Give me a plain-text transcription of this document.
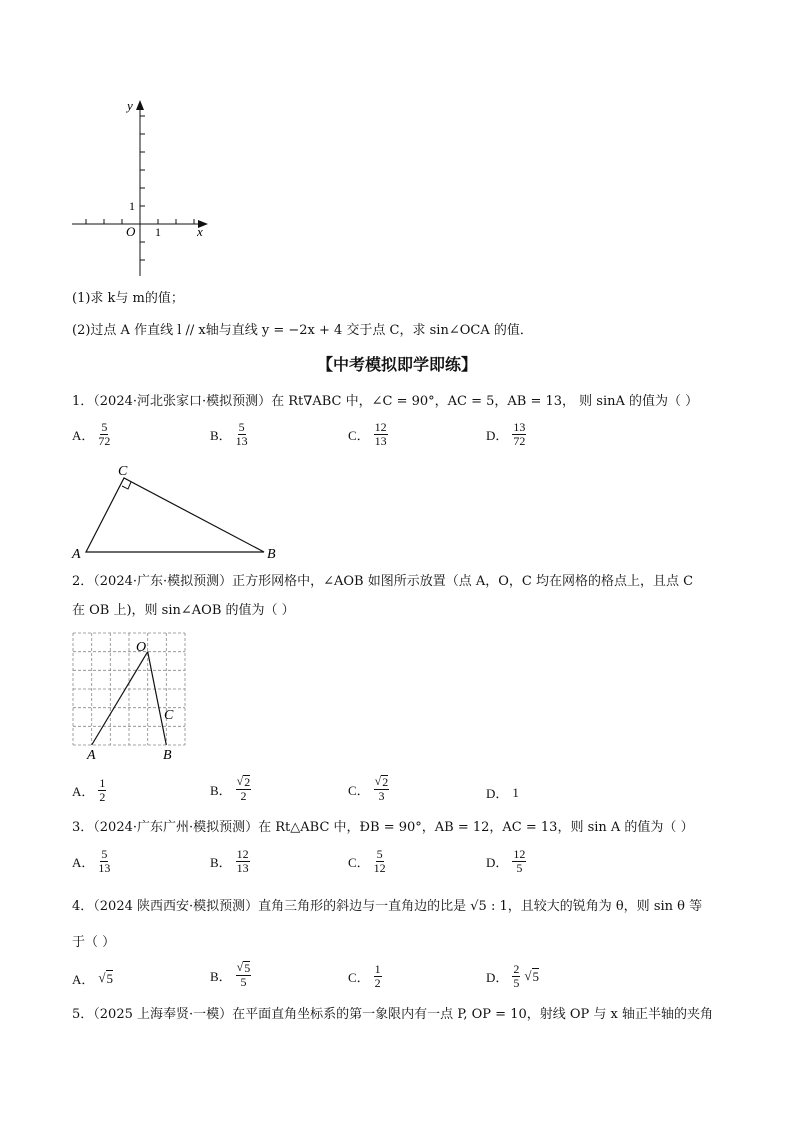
y
x
O 1
1
(1)求 k与 m的值；
(2)过点 A 作直线 l // x轴与直线 y = −2x + 4 交于点 C，求 sin∠OCA 的值．
【中考模拟即学即练】
1．（2024·河北张家口·模拟预测）在 Rt∇ABC 中，∠C = 90°，AC = 5，AB = 13， 则 sinA 的值为（ ）
A． $\frac{5}{72}$	B． $\frac{5}{13}$	C． $\frac{12}{13}$	D． $\frac{13}{72}$
C
A	B
2．（2024·广东·模拟预测）正方形网格中，∠AOB 如图所示放置（点 A，O，C 均在网格的格点上，且点 C
在 OB 上)，则 sin∠AOB 的值为（ ）
O
C
A	B
A． $\frac{1}{2}$	B． $\frac{√ 2}{2}$	C． $\frac{√ 2}{3}$	D． 1
3．（2024·广东广州·模拟预测）在 Rt△ABC 中，ÐB = 90°，AB = 12，AC = 13，则 sin A 的值为（ ）
A． $\frac{5}{13}$	B． $\frac{12}{13}$	C． $\frac{5}{12}$	D． $\frac{12}{5}$
4．（2024 陕西西安·模拟预测）直角三角形的斜边与一直角边的比是 √5 : 1，且较大的锐角为 θ，则 sin θ 等
于（ ）
A． √ 5	B． $\frac{√ 5}{5}$	C． $\frac{1}{2}$	D． $\frac{2}{5}$ √ 5
5．（2025 上海奉贤·一模）在平面直角坐标系的第一象限内有一点 P, OP = 10，射线 OP 与 x 轴正半轴的夹角
